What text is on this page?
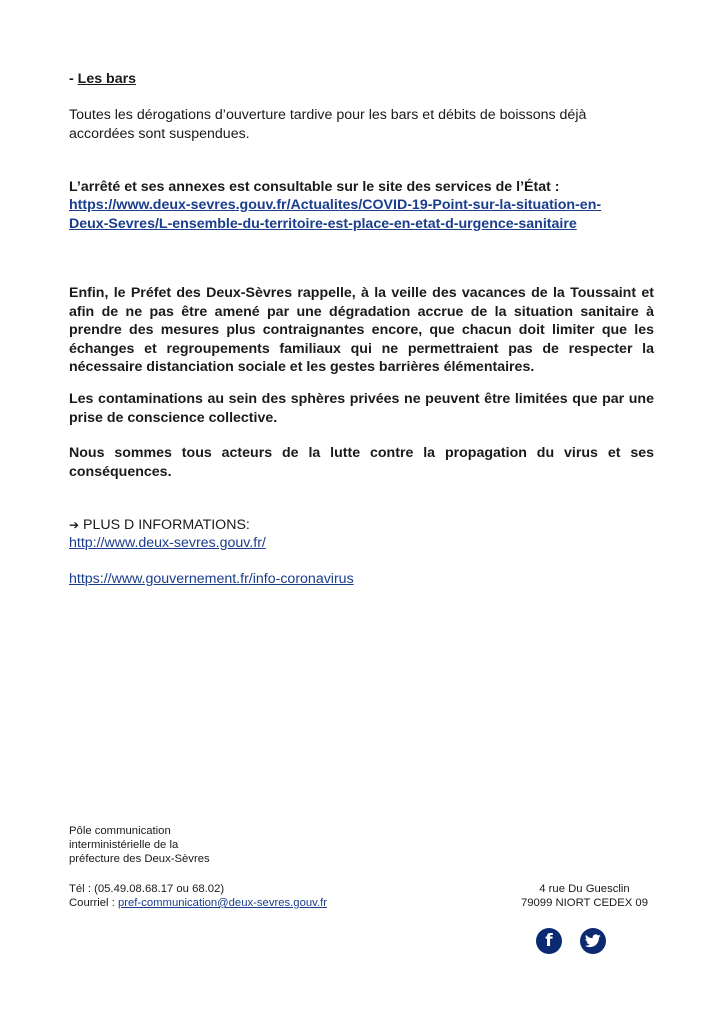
- Les bars
Toutes les dérogations d’ouverture tardive pour les bars et débits de boissons déjà accordées sont suspendues.
L’arrêté et ses annexes est consultable sur le site des services de l’État :
https://www.deux-sevres.gouv.fr/Actualites/COVID-19-Point-sur-la-situation-en-
Deux-Sevres/L-ensemble-du-territoire-est-place-en-etat-d-urgence-sanitaire
Enfin, le Préfet des Deux-Sèvres rappelle, à la veille des vacances de la Toussaint et afin de ne pas être amené par une dégradation accrue de la situation sanitaire à prendre des mesures plus contraignantes encore, que chacun doit limiter que les échanges et regroupements familiaux qui ne permettraient pas de respecter la nécessaire distanciation sociale et les gestes barrières élémentaires.
Les contaminations au sein des sphères privées ne peuvent être limitées que par une prise de conscience collective.
Nous sommes tous acteurs de la lutte contre la propagation du virus et ses conséquences.
➔ PLUS D INFORMATIONS:
http://www.deux-sevres.gouv.fr/
https://www.gouvernement.fr/info-coronavirus
Pôle communication
interministérielle de la
préfecture des Deux-Sèvres
Tél : (05.49.08.68.17 ou 68.02)
Courriel : pref-communication@deux-sevres.gouv.fr
4 rue Du Guesclin
79099 NIORT CEDEX 09
f
